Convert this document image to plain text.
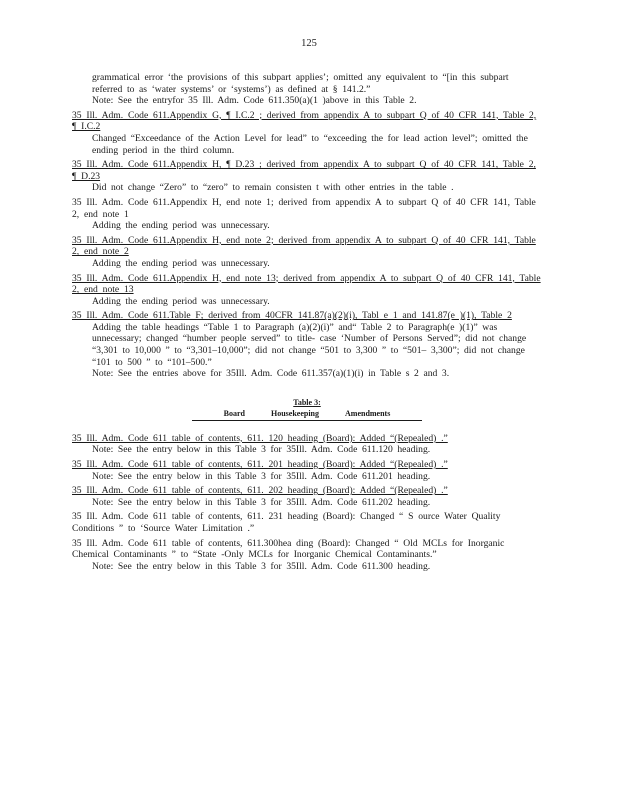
125
grammatical error ‘the provisions of this subpart applies’; omitted any equivalent to “[in this subpart referred to as ‘water systems’ or ‘systems’) as defined at § 141.2.”
Note: See the entryfor 35 Ill. Adm. Code 611.350(a)(1 )above in this Table 2.
35 Ill. Adm. Code 611.Appendix G, ¶ I.C.2 ; derived from appendix A to subpart Q of 40 CFR 141, Table 2, ¶ I.C.2
Changed “Exceedance of the Action Level for lead” to “exceeding the for lead action level”; omitted the ending period in the third column.
35 Ill. Adm. Code 611.Appendix H, ¶ D.23 ; derived from appendix A to subpart Q of 40 CFR 141, Table 2, ¶ D.23
Did not change “Zero” to “zero” to remain consisten t with other entries in the table .
35 Ill. Adm. Code 611.Appendix H, end note 1; derived from appendix A to subpart Q of 40 CFR 141, Table 2, end note 1
Adding the ending period was unnecessary.
35 Ill. Adm. Code 611.Appendix H, end note 2; derived from appendix A to subpart Q of 40 CFR 141, Table 2, end note 2
Adding the ending period was unnecessary.
35 Ill. Adm. Code 611.Appendix H, end note 13; derived from appendix A to subpart Q of 40 CFR 141, Table 2, end note 13
Adding the ending period was unnecessary.
35 Ill. Adm. Code 611.Table F; derived from 40CFR 141.87(a)(2)(i), Tabl e 1 and 141.87(e )(1), Table 2
Adding the table headings “Table 1 to Paragraph (a)(2)(i)” and“ Table 2 to Paragraph(e )(1)” was unnecessary; changed “humber people served” to title- case ‘Number of Persons Served”; did not change “3,301 to 10,000 ” to “3,301–10,000”; did not change “501 to 3,300 ” to “501– 3,300”; did not change “101 to 500 ” to “101–500.”
Note: See the entries above for 35Ill. Adm. Code 611.357(a)(1)(i) in Table s 2 and 3.
Table 3:
Board	Housekeeping	Amendments
35 Ill. Adm. Code 611 table of contents, 611. 120 heading (Board): Added “(Repealed) .”
Note: See the entry below in this Table 3 for 35Ill. Adm. Code 611.120 heading.
35 Ill. Adm. Code 611 table of contents, 611. 201 heading (Board): Added “(Repealed) .”
Note: See the entry below in this Table 3 for 35Ill. Adm. Code 611.201 heading.
35 Ill. Adm. Code 611 table of contents, 611. 202 heading (Board): Added “(Repealed) .”
Note: See the entry below in this Table 3 for 35Ill. Adm. Code 611.202 heading.
35 Ill. Adm. Code 611 table of contents, 611. 231 heading (Board): Changed “ S ource Water Quality Conditions ” to ‘Source Water Limitation .”
35 Ill. Adm. Code 611 table of contents, 611.300hea ding (Board): Changed “ Old MCLs for Inorganic Chemical Contaminants ” to “State -Only MCLs for Inorganic Chemical Contaminants.”
Note: See the entry below in this Table 3 for 35Ill. Adm. Code 611.300 heading.
